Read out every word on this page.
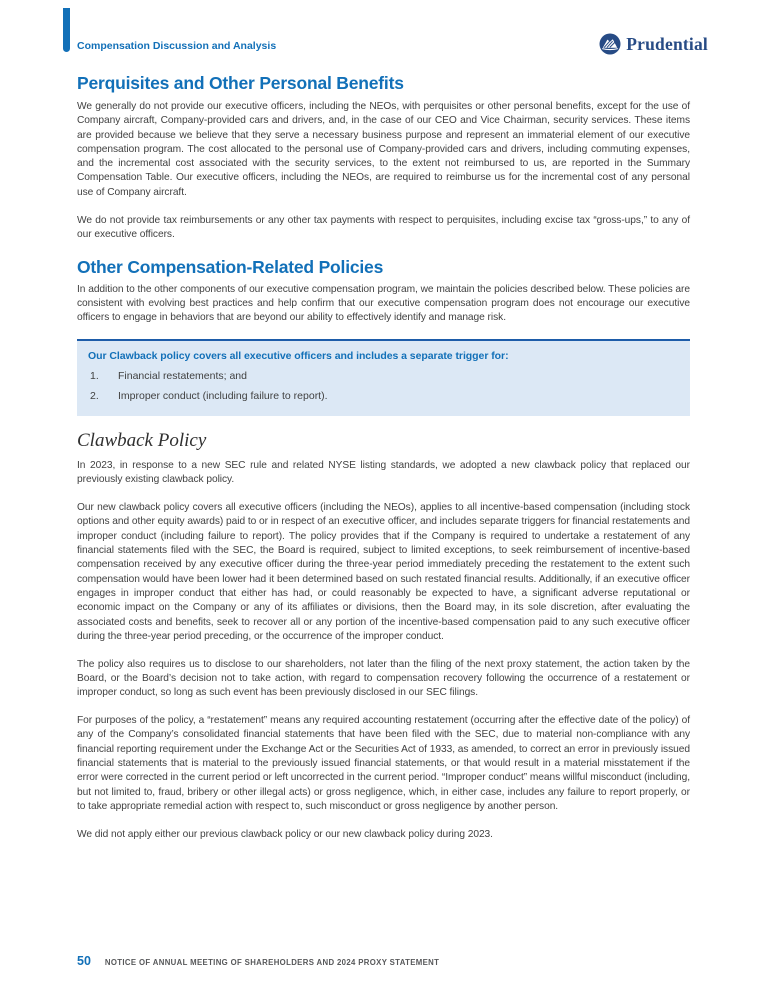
Compensation Discussion and Analysis	Prudential
Perquisites and Other Personal Benefits

We generally do not provide our executive officers, including the NEOs, with perquisites or other personal benefits, except for the use of Company aircraft, Company-provided cars and drivers, and, in the case of our CEO and Vice Chairman, security services. These items are provided because we believe that they serve a necessary business purpose and represent an immaterial element of our executive compensation program. The cost allocated to the personal use of Company-provided cars and drivers, including commuting expenses, and the incremental cost associated with the security services, to the extent not reimbursed to us, are reported in the Summary Compensation Table. Our executive officers, including the NEOs, are required to reimburse us for the incremental cost of any personal use of Company aircraft.

We do not provide tax reimbursements or any other tax payments with respect to perquisites, including excise tax “gross-ups,” to any of our executive officers.

Other Compensation-Related Policies

In addition to the other components of our executive compensation program, we maintain the policies described below. These policies are consistent with evolving best practices and help confirm that our executive compensation program does not encourage our executive officers to engage in behaviors that are beyond our ability to effectively identify and manage risk.

Our Clawback policy covers all executive officers and includes a separate trigger for:
1.	Financial restatements; and
2.	Improper conduct (including failure to report).
Clawback Policy

In 2023, in response to a new SEC rule and related NYSE listing standards, we adopted a new clawback policy that replaced our previously existing clawback policy.

Our new clawback policy covers all executive officers (including the NEOs), applies to all incentive-based compensation (including stock options and other equity awards) paid to or in respect of an executive officer, and includes separate triggers for financial restatements and improper conduct (including failure to report). The policy provides that if the Company is required to undertake a restatement of any financial statements filed with the SEC, the Board is required, subject to limited exceptions, to seek reimbursement of incentive-based compensation received by any executive officer during the three-year period immediately preceding the restatement to the extent such compensation would have been lower had it been determined based on such restated financial results. Additionally, if an executive officer engages in improper conduct that either has had, or could reasonably be expected to have, a significant adverse reputational or economic impact on the Company or any of its affiliates or divisions, then the Board may, in its sole discretion, after evaluating the associated costs and benefits, seek to recover all or any portion of the incentive-based compensation paid to any such executive officer during the three-year period preceding, or the occurrence of the improper conduct.

The policy also requires us to disclose to our shareholders, not later than the filing of the next proxy statement, the action taken by the Board, or the Board’s decision not to take action, with regard to compensation recovery following the occurrence of a restatement or improper conduct, so long as such event has been previously disclosed in our SEC filings.

For purposes of the policy, a “restatement” means any required accounting restatement (occurring after the effective date of the policy) of any of the Company’s consolidated financial statements that have been filed with the SEC, due to material non-compliance with any financial reporting requirement under the Exchange Act or the Securities Act of 1933, as amended, to correct an error in previously issued financial statements that is material to the previously issued financial statements, or that would result in a material misstatement if the error were corrected in the current period or left uncorrected in the current period. “Improper conduct” means willful misconduct (including, but not limited to, fraud, bribery or other illegal acts) or gross negligence, which, in either case, includes any failure to report properly, or to take appropriate remedial action with respect to, such misconduct or gross negligence by another person.

We did not apply either our previous clawback policy or our new clawback policy during 2023.

50 NOTICE OF ANNUAL MEETING OF SHAREHOLDERS AND 2024 PROXY STATEMENT
